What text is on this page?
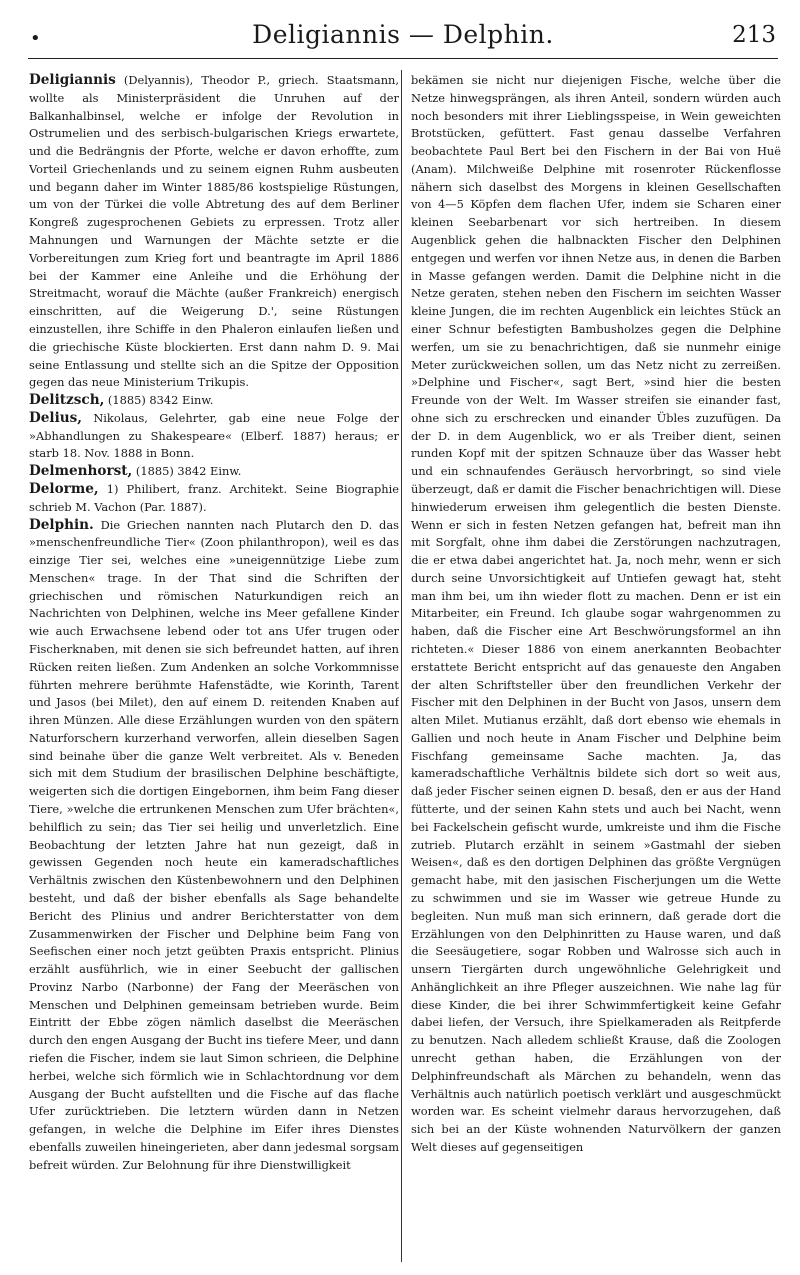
•	Deligiannis — Delphin.	213

Deligiannis (Delyannis), Theodor P., griech. Staatsmann, wollte als Ministerpräsident die Unruhen auf der Balkanhalbinsel, welche er infolge der Revolution in Ostrumelien und des serbisch-bulgarischen Kriegs erwartete, und die Bedrängnis der Pforte, welche er davon erhoffte, zum Vorteil Griechenlands und zu seinem eignen Ruhm ausbeuten und begann daher im Winter 1885/86 kostspielige Rüstungen, um von der Türkei die volle Abtretung des auf dem Berliner Kongreß zugesprochenen Gebiets zu erpressen. Trotz aller Mahnungen und Warnungen der Mächte setzte er die Vorbereitungen zum Krieg fort und beantragte im April 1886 bei der Kammer eine Anleihe und die Erhöhung der Streitmacht, worauf die Mächte (außer Frankreich) energisch einschritten, auf die Weigerung D.', seine Rüstungen einzustellen, ihre Schiffe in den Phaleron einlaufen ließen und die griechische Küste blockierten. Erst dann nahm D. 9. Mai seine Entlassung und stellte sich an die Spitze der Opposition gegen das neue Ministerium Trikupis.

Delitzsch, (1885) 8342 Einw.

Delius, Nikolaus, Gelehrter, gab eine neue Folge der »Abhandlungen zu Shakespeare« (Elberf. 1887) heraus; er starb 18. Nov. 1888 in Bonn.

Delmenhorst, (1885) 3842 Einw.

Delorme, 1) Philibert, franz. Architekt. Seine Biographie schrieb M. Vachon (Par. 1887).

Delphin. Die Griechen nannten nach Plutarch den D. das »menschenfreundliche Tier« (Zoon philanthropon), weil es das einzige Tier sei, welches eine »uneigennützige Liebe zum Menschen« trage. In der That sind die Schriften der griechischen und römischen Naturkundigen reich an Nachrichten von Delphinen, welche ins Meer gefallene Kinder wie auch Erwachsene lebend oder tot ans Ufer trugen oder Fischerknaben, mit denen sie sich befreundet hatten, auf ihren Rücken reiten ließen. Zum Andenken an solche Vorkommnisse führten mehrere berühmte Hafenstädte, wie Korinth, Tarent und Jasos (bei Milet), den auf einem D. reitenden Knaben auf ihren Münzen. Alle diese Erzählungen wurden von den spätern Naturforschern kurzerhand verworfen, allein dieselben Sagen sind beinahe über die ganze Welt verbreitet. Als v. Beneden sich mit dem Studium der brasilischen Delphine beschäftigte, weigerten sich die dortigen Eingebornen, ihm beim Fang dieser Tiere, »welche die ertrunkenen Menschen zum Ufer brächten«, behilflich zu sein; das Tier sei heilig und unverletzlich. Eine Beobachtung der letzten Jahre hat nun gezeigt, daß in gewissen Gegenden noch heute ein kameradschaftliches Verhältnis zwischen den Küstenbewohnern und den Delphinen besteht, und daß der bisher ebenfalls als Sage behandelte Bericht des Plinius und andrer Berichterstatter von dem Zusammenwirken der Fischer und Delphine beim Fang von Seefischen einer noch jetzt geübten Praxis entspricht. Plinius erzählt ausführlich, wie in einer Seebucht der gallischen Provinz Narbo (Narbonne) der Fang der Meeräschen von Menschen und Delphinen gemeinsam betrieben wurde. Beim Eintritt der Ebbe zögen nämlich daselbst die Meeräschen durch den engen Ausgang der Bucht ins tiefere Meer, und dann riefen die Fischer, indem sie laut Simon schrieen, die Delphine herbei, welche sich förmlich wie in Schlachtordnung vor dem Ausgang der Bucht aufstellten und die Fische auf das flache Ufer zurücktrieben. Die letztern würden dann in Netzen gefangen, in welche die Delphine im Eifer ihres Dienstes ebenfalls zuweilen hineingerieten, aber dann jedesmal sorgsam befreit würden. Zur Belohnung für ihre Dienstwilligkeit

bekämen sie nicht nur diejenigen Fische, welche über die Netze hinwegsprängen, als ihren Anteil, sondern würden auch noch besonders mit ihrer Lieblingsspeise, in Wein geweichten Brotstücken, gefüttert. Fast genau dasselbe Verfahren beobachtete Paul Bert bei den Fischern in der Bai von Huë (Anam). Milchweiße Delphine mit rosenroter Rückenflosse nähern sich daselbst des Morgens in kleinen Gesellschaften von 4—5 Köpfen dem flachen Ufer, indem sie Scharen einer kleinen Seebarbenart vor sich hertreiben. In diesem Augenblick gehen die halbnackten Fischer den Delphinen entgegen und werfen vor ihnen Netze aus, in denen die Barben in Masse gefangen werden. Damit die Delphine nicht in die Netze geraten, stehen neben den Fischern im seichten Wasser kleine Jungen, die im rechten Augenblick ein leichtes Stück an einer Schnur befestigten Bambusholzes gegen die Delphine werfen, um sie zu benachrichtigen, daß sie nunmehr einige Meter zurückweichen sollen, um das Netz nicht zu zerreißen. »Delphine und Fischer«, sagt Bert, »sind hier die besten Freunde von der Welt. Im Wasser streifen sie einander fast, ohne sich zu erschrecken und einander Übles zuzufügen. Da der D. in dem Augenblick, wo er als Treiber dient, seinen runden Kopf mit der spitzen Schnauze über das Wasser hebt und ein schnaufendes Geräusch hervorbringt, so sind viele überzeugt, daß er damit die Fischer benachrichtigen will. Diese hinwiederum erweisen ihm gelegentlich die besten Dienste. Wenn er sich in festen Netzen gefangen hat, befreit man ihn mit Sorgfalt, ohne ihm dabei die Zerstörungen nachzutragen, die er etwa dabei angerichtet hat. Ja, noch mehr, wenn er sich durch seine Unvorsichtigkeit auf Untiefen gewagt hat, steht man ihm bei, um ihn wieder flott zu machen. Denn er ist ein Mitarbeiter, ein Freund. Ich glaube sogar wahrgenommen zu haben, daß die Fischer eine Art Beschwörungsformel an ihn richteten.« Dieser 1886 von einem anerkannten Beobachter erstattete Bericht entspricht auf das genaueste den Angaben der alten Schriftsteller über den freundlichen Verkehr der Fischer mit den Delphinen in der Bucht von Jasos, unsern dem alten Milet. Mutianus erzählt, daß dort ebenso wie ehemals in Gallien und noch heute in Anam Fischer und Delphine beim Fischfang gemeinsame Sache machten. Ja, das kameradschaftliche Verhältnis bildete sich dort so weit aus, daß jeder Fischer seinen eignen D. besaß, den er aus der Hand fütterte, und der seinen Kahn stets und auch bei Nacht, wenn bei Fackelschein gefischt wurde, umkreiste und ihm die Fische zutrieb. Plutarch erzählt in seinem »Gastmahl der sieben Weisen«, daß es den dortigen Delphinen das größte Vergnügen gemacht habe, mit den jasischen Fischerjungen um die Wette zu schwimmen und sie im Wasser wie getreue Hunde zu begleiten. Nun muß man sich erinnern, daß gerade dort die Erzählungen von den Delphinritten zu Hause waren, und daß die Seesäugetiere, sogar Robben und Walrosse sich auch in unsern Tiergärten durch ungewöhnliche Gelehrigkeit und Anhänglichkeit an ihre Pfleger auszeichnen. Wie nahe lag für diese Kinder, die bei ihrer Schwimmfertigkeit keine Gefahr dabei liefen, der Versuch, ihre Spielkameraden als Reitpferde zu benutzen. Nach alledem schließt Krause, daß die Zoologen unrecht gethan haben, die Erzählungen von der Delphinfreundschaft als Märchen zu behandeln, wenn das Verhältnis auch natürlich poetisch verklärt und ausgeschmückt worden war. Es scheint vielmehr daraus hervorzugehen, daß sich bei an der Küste wohnenden Naturvölkern der ganzen Welt dieses auf gegenseitigen
